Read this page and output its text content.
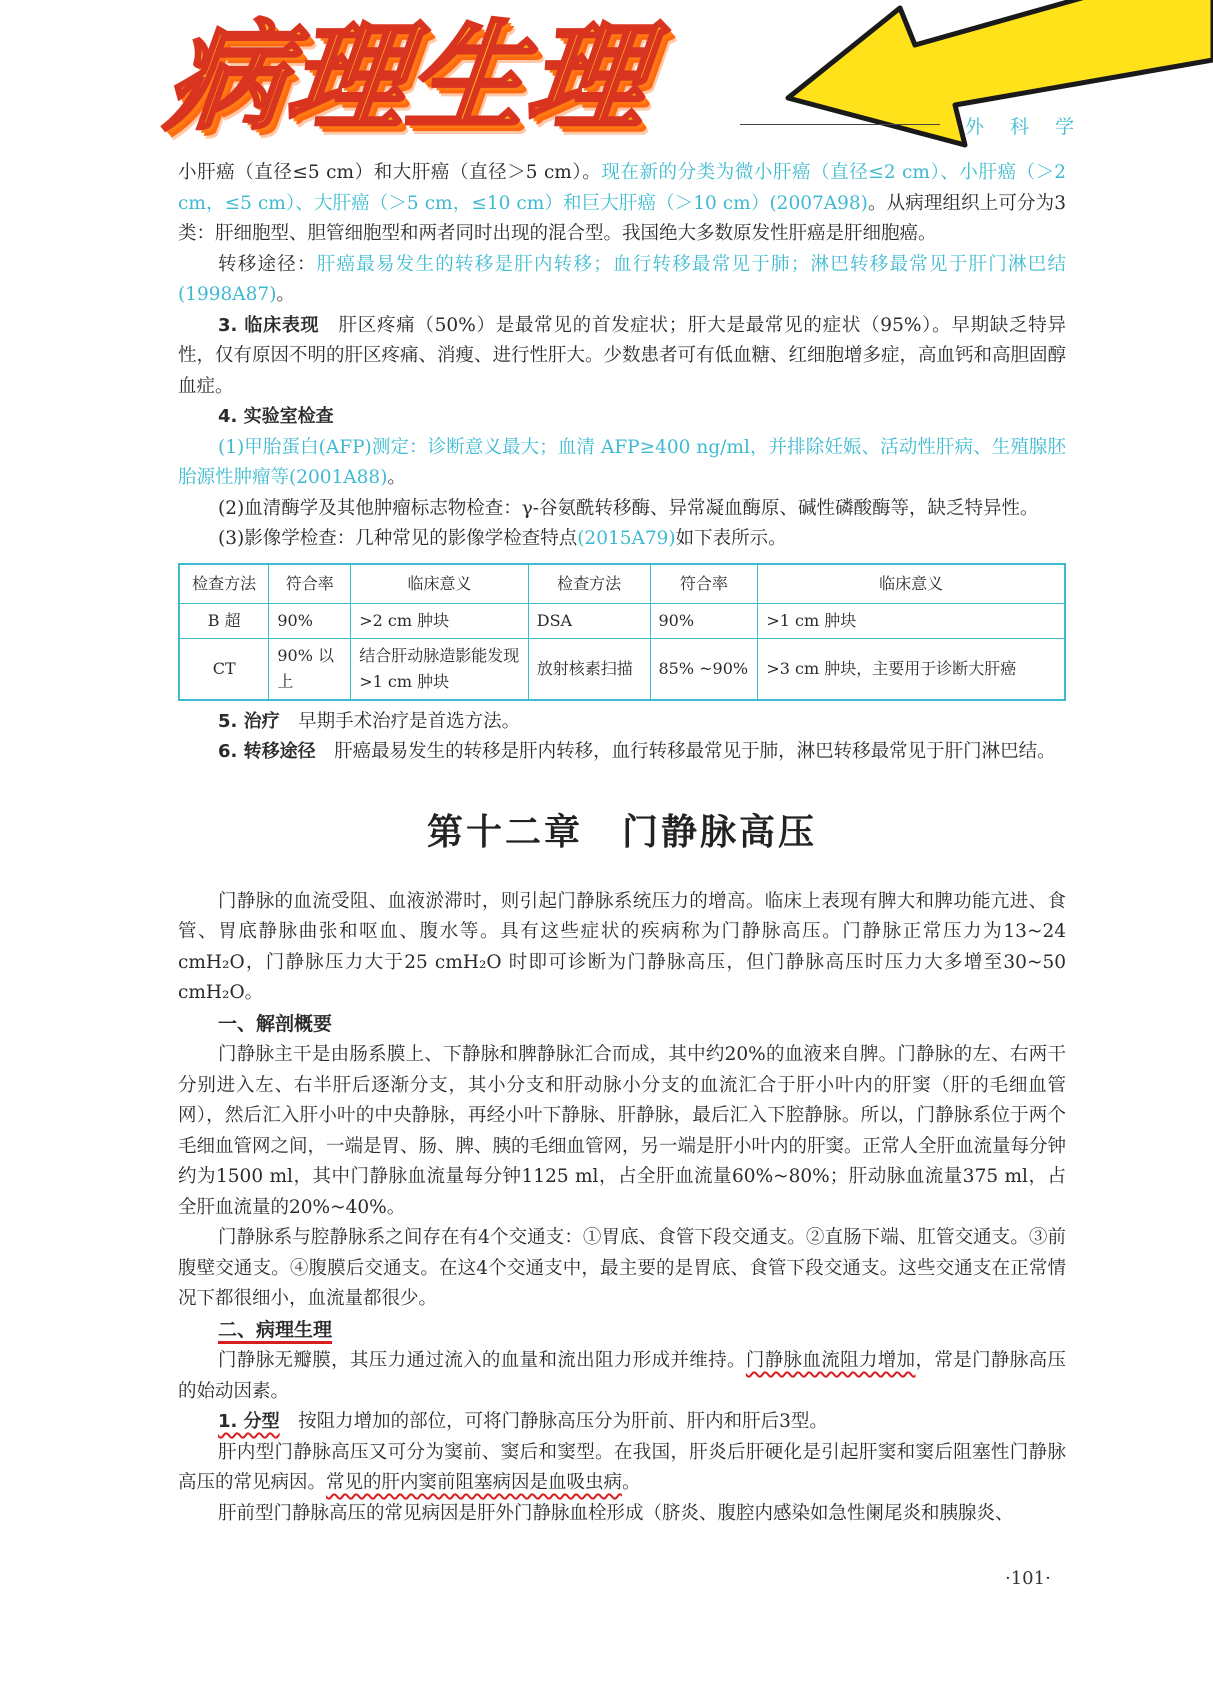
病理生理	外 科 学

小肝癌（直径≤5 cm）和大肝癌（直径＞5 cm）。现在新的分类为微小肝癌（直径≤2 cm）、小肝癌（＞2 cm，≤5 cm）、大肝癌（＞5 cm，≤10 cm）和巨大肝癌（＞10 cm）(2007A98)。从病理组织上可分为3类：肝细胞型、胆管细胞型和两者同时出现的混合型。我国绝大多数原发性肝癌是肝细胞癌。

转移途径：肝癌最易发生的转移是肝内转移；血行转移最常见于肺；淋巴转移最常见于肝门淋巴结(1998A87)。

3. 临床表现　肝区疼痛（50%）是最常见的首发症状；肝大是最常见的症状（95%）。早期缺乏特异性，仅有原因不明的肝区疼痛、消瘦、进行性肝大。少数患者可有低血糖、红细胞增多症，高血钙和高胆固醇血症。

4. 实验室检查

(1)甲胎蛋白(AFP)测定：诊断意义最大；血清 AFP≥400 ng/ml，并排除妊娠、活动性肝病、生殖腺胚胎源性肿瘤等(2001A88)。

(2)血清酶学及其他肿瘤标志物检查：γ-谷氨酰转移酶、异常凝血酶原、碱性磷酸酶等，缺乏特异性。

(3)影像学检查：几种常见的影像学检查特点(2015A79)如下表所示。

检查方法	符合率	临床意义	检查方法	符合率	临床意义
B 超	90%	>2 cm 肿块	DSA	90%	>1 cm 肿块
CT	90% 以上	结合肝动脉造影能发现>1 cm 肿块	放射核素扫描	85% ~90%	>3 cm 肿块，主要用于诊断大肝癌

5. 治疗　早期手术治疗是首选方法。

6. 转移途径　肝癌最易发生的转移是肝内转移，血行转移最常见于肺，淋巴转移最常见于肝门淋巴结。

第十二章　门静脉高压

门静脉的血流受阻、血液淤滞时，则引起门静脉系统压力的增高。临床上表现有脾大和脾功能亢进、食管、胃底静脉曲张和呕血、腹水等。具有这些症状的疾病称为门静脉高压。门静脉正常压力为13~24 cmH₂O，门静脉压力大于25 cmH₂O 时即可诊断为门静脉高压，但门静脉高压时压力大多增至30~50 cmH₂O。

一、解剖概要

门静脉主干是由肠系膜上、下静脉和脾静脉汇合而成，其中约20%的血液来自脾。门静脉的左、右两干分别进入左、右半肝后逐渐分支，其小分支和肝动脉小分支的血流汇合于肝小叶内的肝窦（肝的毛细血管网），然后汇入肝小叶的中央静脉，再经小叶下静脉、肝静脉，最后汇入下腔静脉。所以，门静脉系位于两个毛细血管网之间，一端是胃、肠、脾、胰的毛细血管网，另一端是肝小叶内的肝窦。正常人全肝血流量每分钟约为1500 ml，其中门静脉血流量每分钟1125 ml，占全肝血流量60%~80%；肝动脉血流量375 ml，占全肝血流量的20%~40%。

门静脉系与腔静脉系之间存在有4个交通支：①胃底、食管下段交通支。②直肠下端、肛管交通支。③前腹壁交通支。④腹膜后交通支。在这4个交通支中，最主要的是胃底、食管下段交通支。这些交通支在正常情况下都很细小，血流量都很少。

二、病理生理

门静脉无瓣膜，其压力通过流入的血量和流出阻力形成并维持。门静脉血流阻力增加，常是门静脉高压的始动因素。

1. 分型　按阻力增加的部位，可将门静脉高压分为肝前、肝内和肝后3型。

肝内型门静脉高压又可分为窦前、窦后和窦型。在我国，肝炎后肝硬化是引起肝窦和窦后阻塞性门静脉高压的常见病因。常见的肝内窦前阻塞病因是血吸虫病。

肝前型门静脉高压的常见病因是肝外门静脉血栓形成（脐炎、腹腔内感染如急性阑尾炎和胰腺炎、

·101·
